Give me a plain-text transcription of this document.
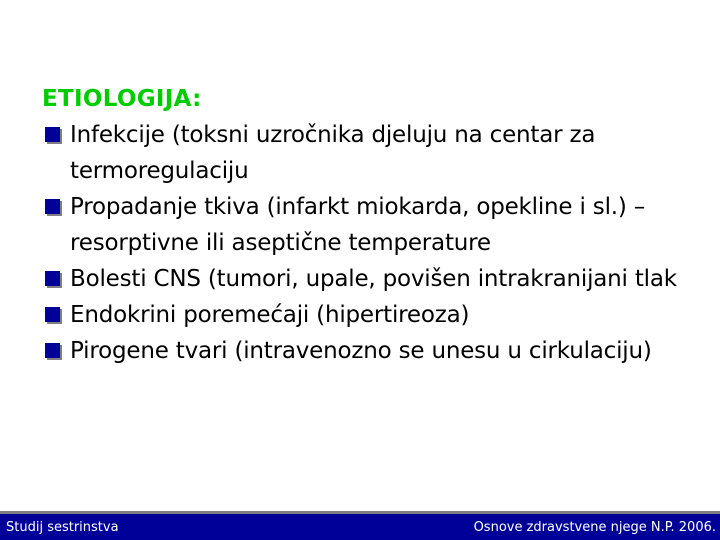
ETIOLOGIJA:
Infekcije (toksni uzročnika djeluju na centar za termoregulaciju
Propadanje tkiva (infarkt miokarda, opekline i sl.) – resorptivne ili aseptične temperature
Bolesti CNS (tumori, upale, povišen intrakranijani tlak
Endokrini poremećaji (hipertireoza)
Pirogene tvari (intravenozno se unesu u cirkulaciju)
Studij sestrinstva	Osnove zdravstvene njege N.P. 2006.
